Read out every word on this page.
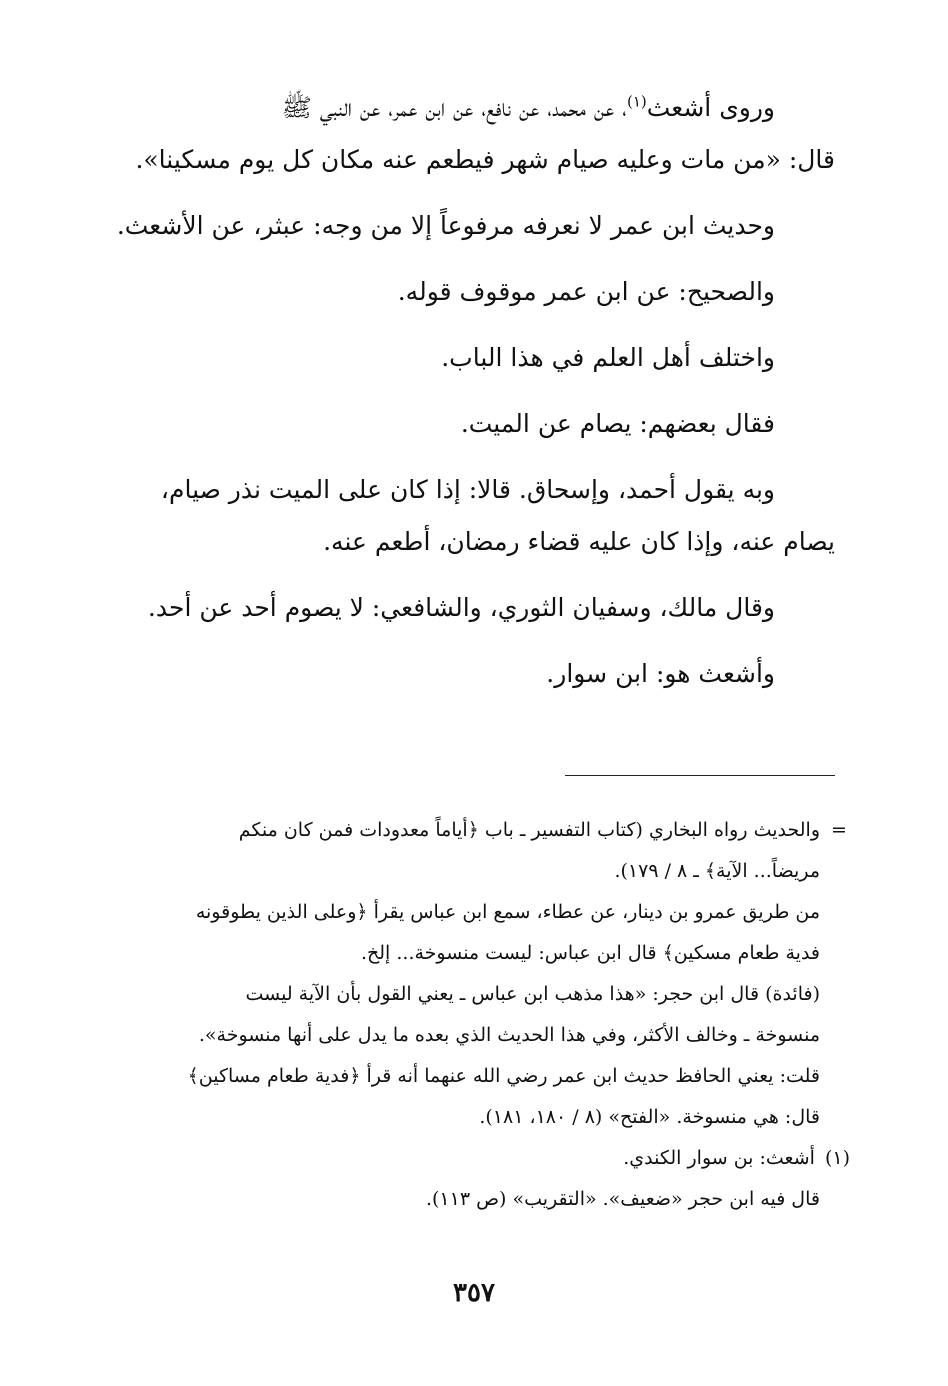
وروى أشعث$^{(١)}$، عن محمد، عن نافع، عن ابن عمر، عن النبي ﷺ

قال: «من مات وعليه صيام شهر فيطعم عنه مكان كل يوم مسكينا».

وحديث ابن عمر لا نعرفه مرفوعاً إلا من وجه: عبثر، عن الأشعث.

والصحيح: عن ابن عمر موقوف قوله.

واختلف أهل العلم في هذا الباب.

فقال بعضهم: يصام عن الميت.

وبه يقول أحمد، وإسحاق. قالا: إذا كان على الميت نذر صيام،

يصام عنه، وإذا كان عليه قضاء رمضان، أطعم عنه.

وقال مالك، وسفيان الثوري، والشافعي: لا يصوم أحد عن أحد.

وأشعث هو: ابن سوار.

=
والحديث رواه البخاري (كتاب التفسير ـ باب ﴿أياماً معدودات فمن كان منكم
مريضاً... الآية﴾ ـ ٨ / ١٧٩).
من طريق عمرو بن دينار، عن عطاء، سمع ابن عباس يقرأ ﴿وعلى الذين يطوقونه
فدية طعام مسكين﴾ قال ابن عباس: ليست منسوخة... إلخ.
(فائدة) قال ابن حجر: «هذا مذهب ابن عباس ـ يعني القول بأن الآية ليست
منسوخة ـ وخالف الأكثر، وفي هذا الحديث الذي بعده ما يدل على أنها منسوخة».
قلت: يعني الحافظ حديث ابن عمر رضي الله عنهما أنه قرأ ﴿فدية طعام مساكين﴾
قال: هي منسوخة. «الفتح» (٨ / ١٨٠، ١٨١).
(١)أشعث: بن سوار الكندي.
قال فيه ابن حجر «ضعيف». «التقريب» (ص ١١٣).
٣٥٧
